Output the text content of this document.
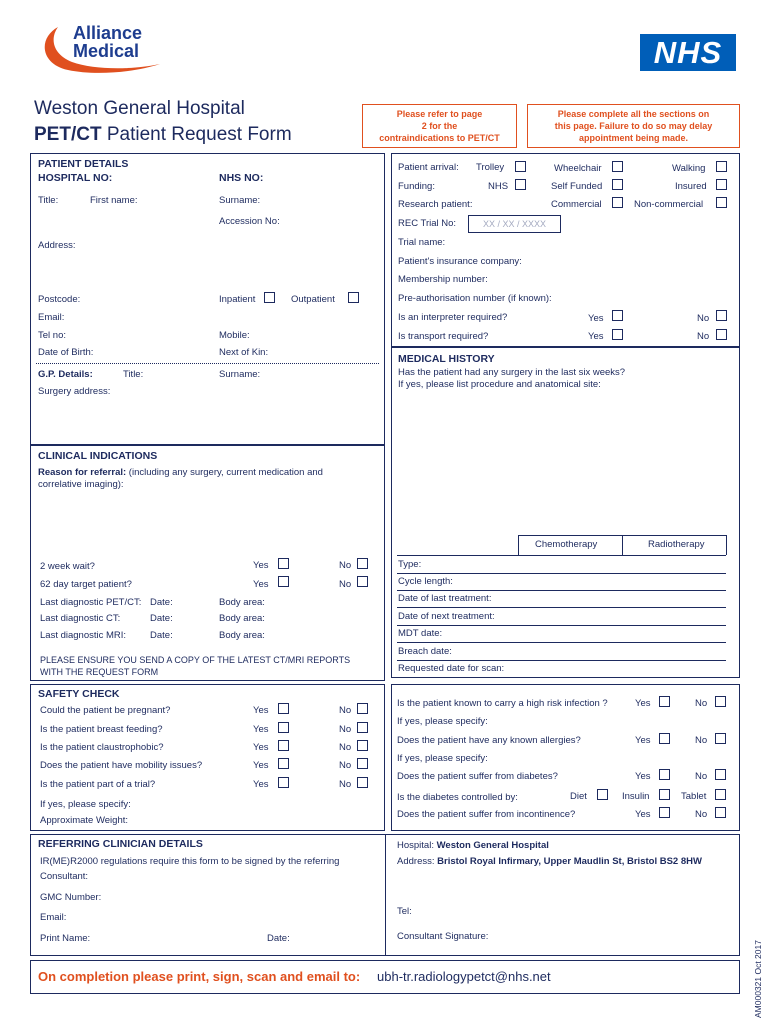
Alliance
Medical	NHS
Weston General Hospital
PET/CT Patient Request Form
Please refer to page
2 for the
contraindications to PET/CT
Please complete all the sections on
this page. Failure to do so may delay
appointment being made.
PATIENT DETAILS
HOSPITAL NO:	NHS NO:
Title:	First name:	Surname:
Accession No:
Address:
Postcode:	Inpatient	Outpatient
Email:
Tel no:	Mobile:
Date of Birth:	Next of Kin:
G.P. Details:	Title:	Surname:
Surgery address:
Patient arrival: Trolley	Wheelchair	Walking
Funding:	NHS	Self Funded	Insured
Research patient:	Commercial	Non-commercial
REC Trial No:	XX / XX / XXXX
Trial name:
Patient's insurance company:
Membership number:
Pre-authorisation number (if known):
Is an interpreter required?	Yes	No
Is transport required?	Yes	No
MEDICAL HISTORY
Has the patient had any surgery in the last six weeks?
If yes, please list procedure and anatomical site:
Chemotherapy	Radiotherapy
Type:
Cycle length:
Date of last treatment:
Date of next treatment:
MDT date:
Breach date:
Requested date for scan:
CLINICAL INDICATIONS
Reason for referral: (including any surgery, current medication and
correlative imaging):
2 week wait?	Yes	No
62 day target patient?	Yes	No
Last diagnostic PET/CT: Date:	Body area:
Last diagnostic CT:	Date:	Body area:
Last diagnostic MRI:	Date:	Body area:
PLEASE ENSURE YOU SEND A COPY OF THE LATEST CT/MRI REPORTS
WITH THE REQUEST FORM
SAFETY CHECK
Could the patient be pregnant?	Yes	No
Is the patient breast feeding?	Yes	No
Is the patient claustrophobic?	Yes	No
Does the patient have mobility issues?	Yes	No
Is the patient part of a trial?	Yes	No
If yes, please specify:
Approximate Weight:
Is the patient known to carry a high risk infection ?	Yes	No
If yes, please specify:
Does the patient have any known allergies?	Yes	No
If yes, please specify:
Does the patient suffer from diabetes?	Yes	No
Is the diabetes controlled by:	Diet	Insulin	Tablet
Does the patient suffer from incontinence?	Yes	No
REFERRING CLINICIAN DETAILS
IR(ME)R2000 regulations require this form to be signed by the referring
Consultant:
GMC Number:
Email:
Print Name:	Date:
Hospital: Weston General Hospital
Address: Bristol Royal Infirmary, Upper Maudlin St, Bristol BS2 8HW
Tel:
Consultant Signature:
On completion please print, sign, scan and email to: ubh-tr.radiologypetct@nhs.net	AM000321 Oct 2017
